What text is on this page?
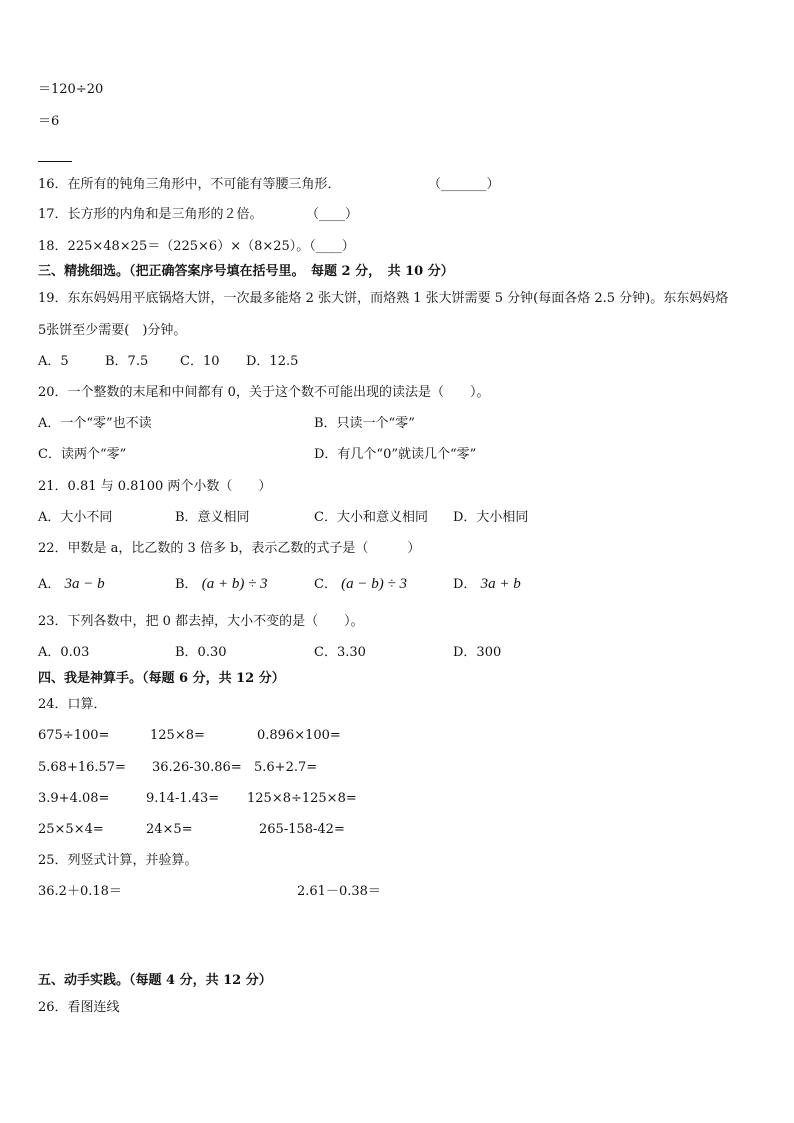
＝120÷20
＝6
16．在所有的钝角三角形中，不可能有等腰三角形．	（_______）
17．长方形的内角和是三角形的２倍。	（____）
18．225×48×25＝（225×6）×（8×25）。（____）
三、精挑细选。（把正确答案序号填在括号里。　每题 2 分，　共 10 分）
19．东东妈妈用平底锅烙大饼，一次最多能烙 2 张大饼，而烙熟 1 张大饼需要 5 分钟(每面各烙 2.5 分钟)。东东妈妈烙
5张饼至少需要(　)分钟。
A．5	B．7.5 C．10 D．12.5
20．一个整数的末尾和中间都有 0，关于这个数不可能出现的读法是（　　）。
A．一个“零”也不读	B．只读一个“零”
C．读两个“零”	D．有几个“0”就读几个“零”
21．0.81 与 0.8100 两个小数（　　）
A．大小不同	B．意义相同	C．大小和意义相同 D．大小相同
22．甲数是 a，比乙数的 3 倍多 b，表示乙数的式子是（　　　）
A． 3a − b	B． (a + b) ÷ 3	C． (a − b) ÷ 3	D． 3a + b
23．下列各数中，把 0 都去掉，大小不变的是（　　）。
A．0.03	B．0.30	C．3.30	D．300
四、我是神算手。（每题 6 分，共 12 分）
24．口算．
675÷100=	125×8=	0.896×100=
5.68+16.57= 36.26-30.86= 5.6+2.7=
3.9+4.08=	9.14-1.43= 125×8÷125×8=
25×5×4=	24×5=	265-158-42=
25．列竖式计算，并验算。
36.2＋0.18＝	2.61－0.38＝
五、动手实践。（每题 4 分，共 12 分）
26．看图连线
